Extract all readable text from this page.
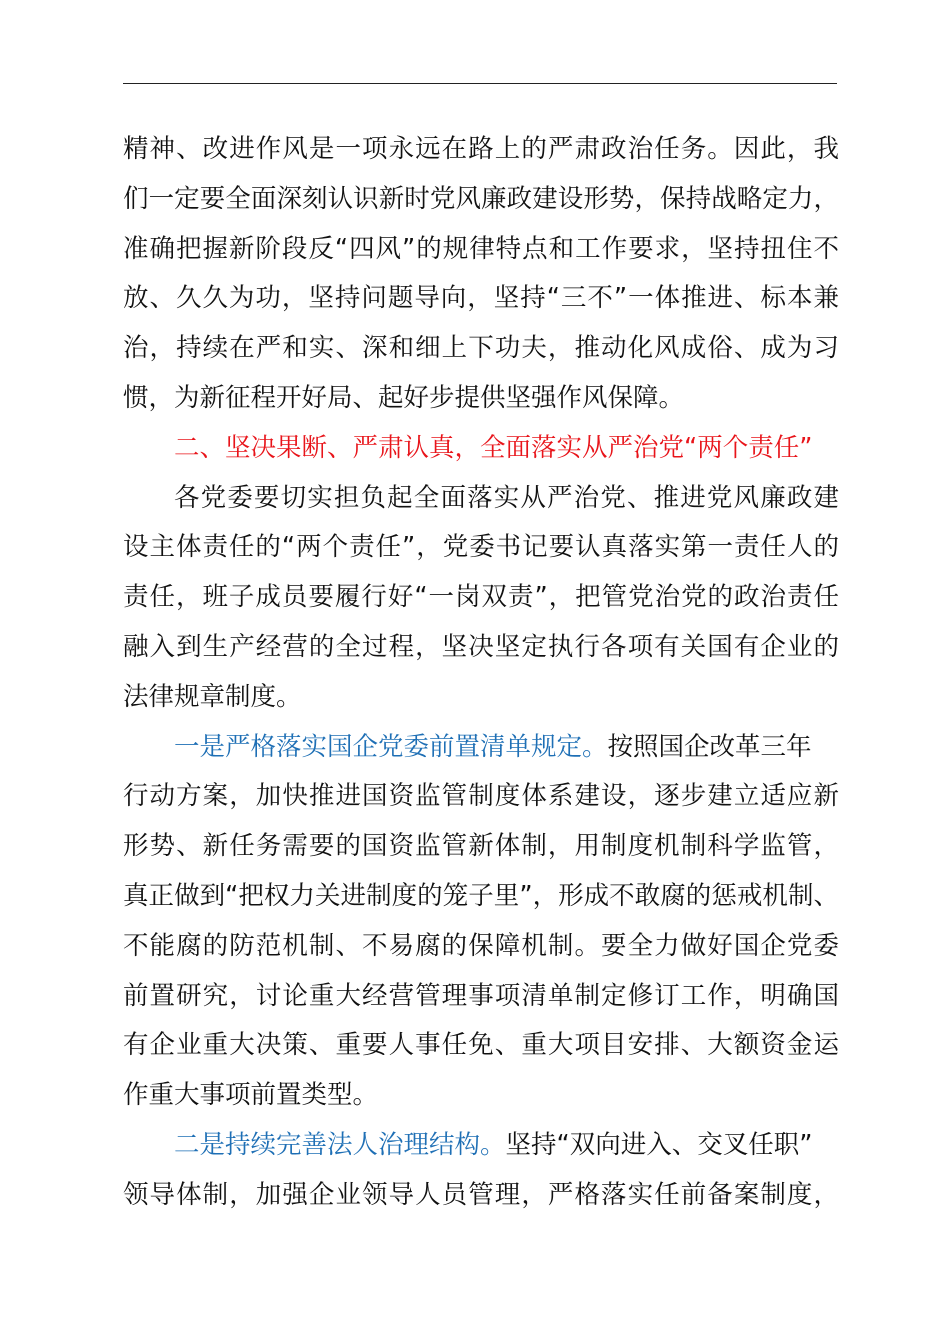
精神、改进作风是一项永远在路上的严肃政治任务。因此，我
们一定要全面深刻认识新时党风廉政建设形势，保持战略定力，
准确把握新阶段反“四风”的规律特点和工作要求，坚持扭住不
放、久久为功，坚持问题导向，坚持“三不”一体推进、标本兼
治，持续在严和实、深和细上下功夫，推动化风成俗、成为习
惯，为新征程开好局、起好步提供坚强作风保障。
二、坚决果断、严肃认真，全面落实从严治党“两个责任”
各党委要切实担负起全面落实从严治党、推进党风廉政建
设主体责任的“两个责任”，党委书记要认真落实第一责任人的
责任，班子成员要履行好“一岗双责”，把管党治党的政治责任
融入到生产经营的全过程，坚决坚定执行各项有关国有企业的
法律规章制度。
一是严格落实国企党委前置清单规定。按照国企改革三年
行动方案，加快推进国资监管制度体系建设，逐步建立适应新
形势、新任务需要的国资监管新体制，用制度机制科学监管，
真正做到“把权力关进制度的笼子里”，形成不敢腐的惩戒机制、
不能腐的防范机制、不易腐的保障机制。要全力做好国企党委
前置研究，讨论重大经营管理事项清单制定修订工作，明确国
有企业重大决策、重要人事任免、重大项目安排、大额资金运
作重大事项前置类型。
二是持续完善法人治理结构。坚持“双向进入、交叉任职”
领导体制，加强企业领导人员管理，严格落实任前备案制度，
